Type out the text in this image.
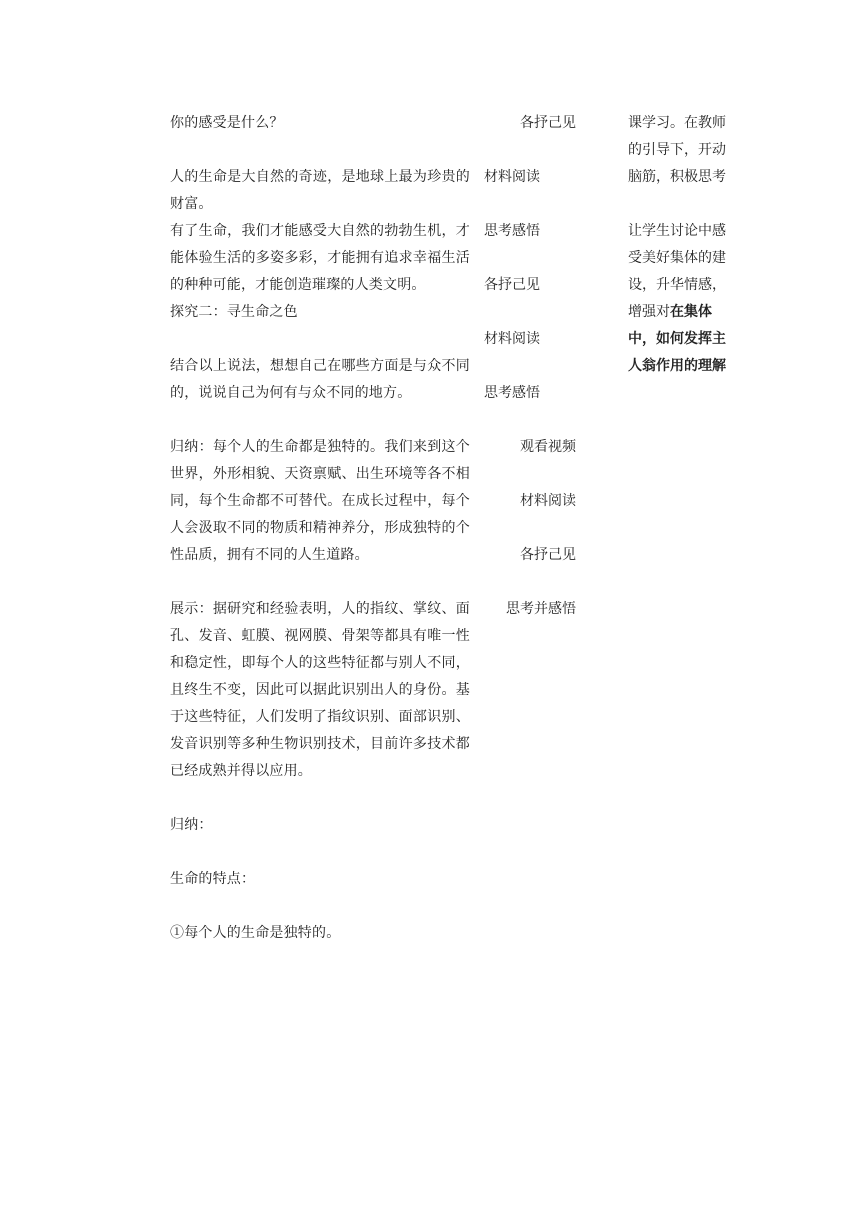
你的感受是什么？

人的生命是大自然的奇迹，是地球上最为珍贵的财富。

有了生命，我们才能感受大自然的勃勃生机，才能体验生活的多姿多彩，才能拥有追求幸福生活的种种可能，才能创造璀璨的人类文明。

探究二：寻生命之色

结合以上说法，想想自己在哪些方面是与众不同的，说说自己为何有与众不同的地方。

归纳：每个人的生命都是独特的。我们来到这个世界，外形相貌、天资禀赋、出生环境等各不相同，每个生命都不可替代。在成长过程中，每个人会汲取不同的物质和精神养分，形成独特的个性品质，拥有不同的人生道路。

展示：据研究和经验表明，人的指纹、掌纹、面孔、发音、虹膜、视网膜、骨架等都具有唯一性和稳定性，即每个人的这些特征都与别人不同，且终生不变，因此可以据此识别出人的身份。基于这些特征，人们发明了指纹识别、面部识别、发音识别等多种生物识别技术，目前许多技术都已经成熟并得以应用。

归纳：

生命的特点：

①每个人的生命是独特的。

各抒己见
材料阅读
思考感悟
各抒己见
材料阅读
思考感悟
观看视频
材料阅读
各抒己见
思考并感悟

课学习。在教师的引导下，开动脑筋，积极思考

让学生讨论中感受美好集体的建设，升华情感，增强对在集体中，如何发挥主人翁作用的理解
